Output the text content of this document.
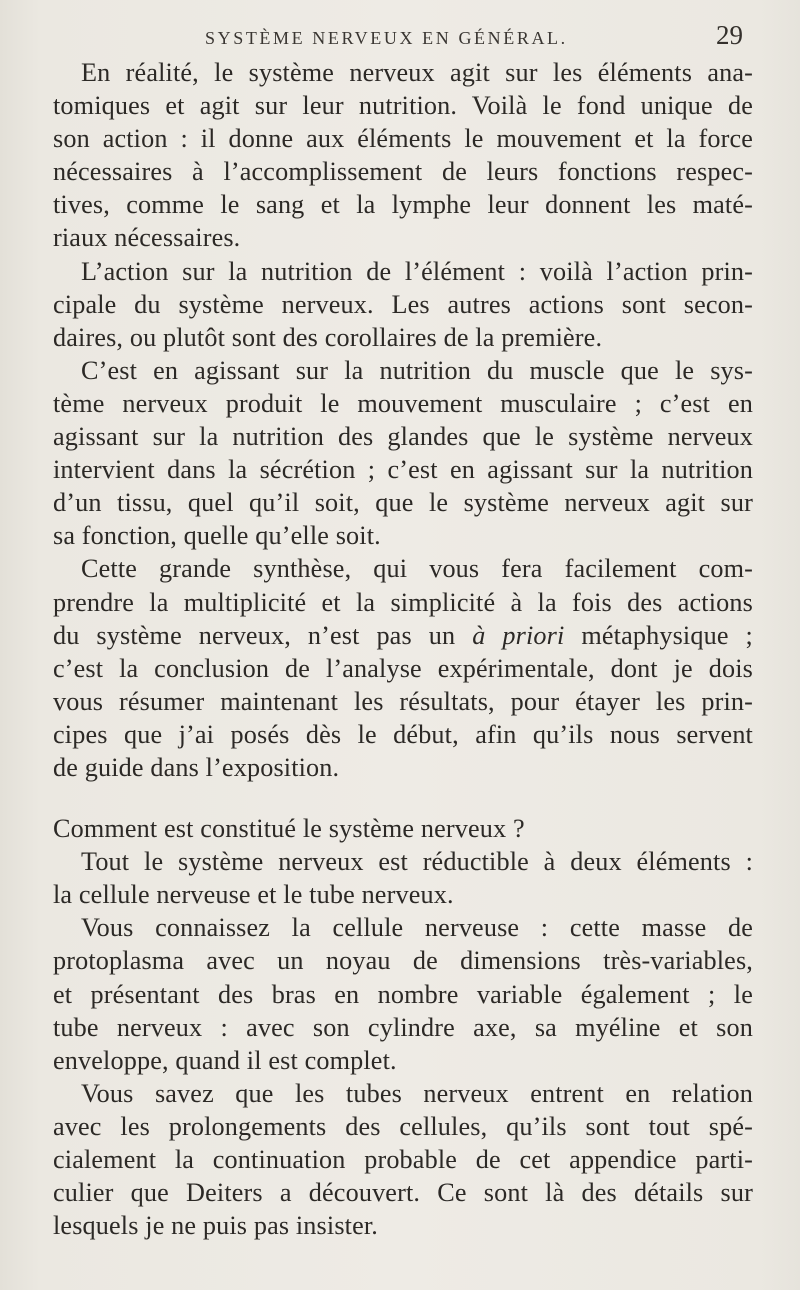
SYSTÈME NERVEUX EN GÉNÉRAL.	29
En réalité, le système nerveux agit sur les éléments ana-
tomiques et agit sur leur nutrition. Voilà le fond unique de
son action : il donne aux éléments le mouvement et la force
nécessaires à l’accomplissement de leurs fonctions respec-
tives, comme le sang et la lymphe leur donnent les maté-
riaux nécessaires.
L’action sur la nutrition de l’élément : voilà l’action prin-
cipale du système nerveux. Les autres actions sont secon-
daires, ou plutôt sont des corollaires de la première.
C’est en agissant sur la nutrition du muscle que le sys-
tème nerveux produit le mouvement musculaire ; c’est en
agissant sur la nutrition des glandes que le système nerveux
intervient dans la sécrétion ; c’est en agissant sur la nutrition
d’un tissu, quel qu’il soit, que le système nerveux agit sur
sa fonction, quelle qu’elle soit.
Cette grande synthèse, qui vous fera facilement com-
prendre la multiplicité et la simplicité à la fois des actions
du système nerveux, n’est pas un à priori métaphysique ;
c’est la conclusion de l’analyse expérimentale, dont je dois
vous résumer maintenant les résultats, pour étayer les prin-
cipes que j’ai posés dès le début, afin qu’ils nous servent
de guide dans l’exposition.
Comment est constitué le système nerveux ?
Tout le système nerveux est réductible à deux éléments :
la cellule nerveuse et le tube nerveux.
Vous connaissez la cellule nerveuse : cette masse de
protoplasma avec un noyau de dimensions très-variables,
et présentant des bras en nombre variable également ; le
tube nerveux : avec son cylindre axe, sa myéline et son
enveloppe, quand il est complet.
Vous savez que les tubes nerveux entrent en relation
avec les prolongements des cellules, qu’ils sont tout spé-
cialement la continuation probable de cet appendice parti-
culier que Deiters a découvert. Ce sont là des détails sur
lesquels je ne puis pas insister.
